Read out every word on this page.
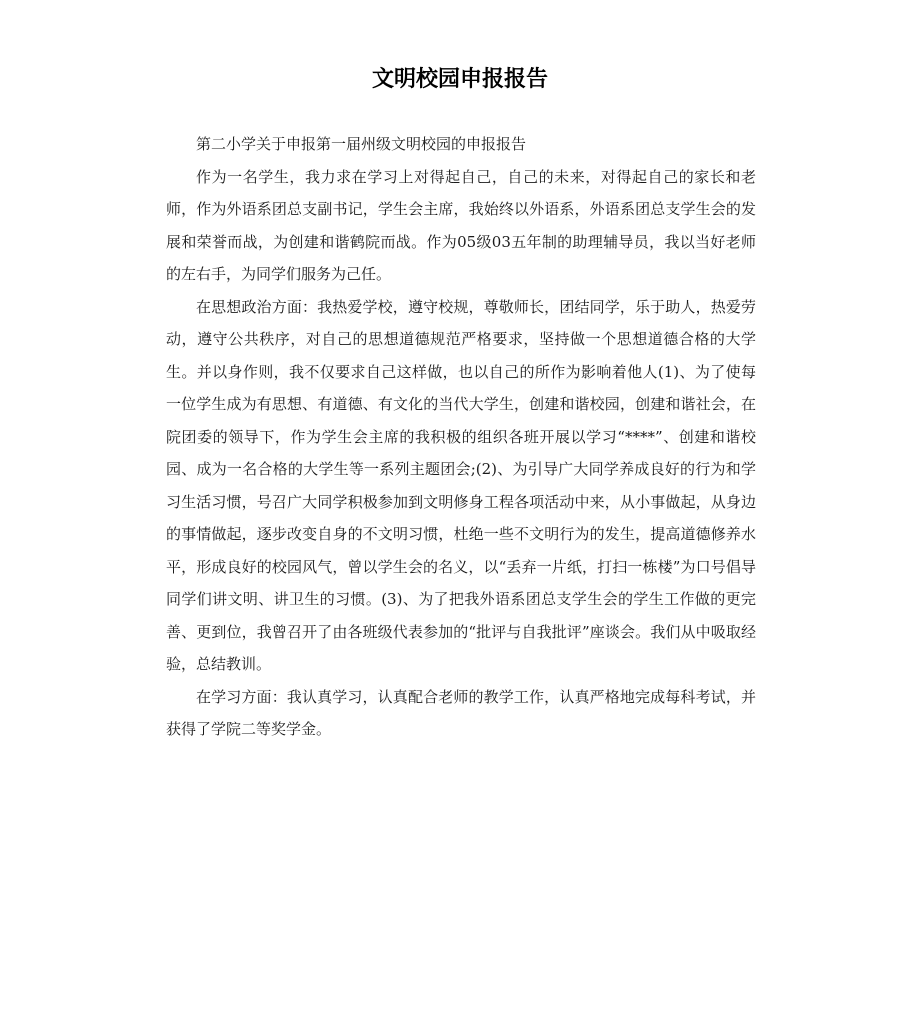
文明校园申报报告

第二小学关于申报第一届州级文明校园的申报报告

作为一名学生，我力求在学习上对得起自己，自己的未来，对得起自己的家长和老师，作为外语系团总支副书记，学生会主席，我始终以外语系，外语系团总支学生会的发展和荣誉而战，为创建和谐鹤院而战。作为05级03五年制的助理辅导员，我以当好老师的左右手，为同学们服务为己任。

在思想政治方面：我热爱学校，遵守校规，尊敬师长，团结同学，乐于助人，热爱劳动，遵守公共秩序，对自己的思想道德规范严格要求，坚持做一个思想道德合格的大学生。并以身作则，我不仅要求自己这样做，也以自己的所作为影响着他人(1)、为了使每一位学生成为有思想、有道德、有文化的当代大学生，创建和谐校园，创建和谐社会，在院团委的领导下，作为学生会主席的我积极的组织各班开展以学习“****”、创建和谐校园、成为一名合格的大学生等一系列主题团会;(2)、为引导广大同学养成良好的行为和学习生活习惯，号召广大同学积极参加到文明修身工程各项活动中来，从小事做起，从身边的事情做起，逐步改变自身的不文明习惯，杜绝一些不文明行为的发生，提高道德修养水平，形成良好的校园风气，曾以学生会的名义，以“丢弃一片纸，打扫一栋楼”为口号倡导同学们讲文明、讲卫生的习惯。(3)、为了把我外语系团总支学生会的学生工作做的更完善、更到位，我曾召开了由各班级代表参加的“批评与自我批评”座谈会。我们从中吸取经验，总结教训。

在学习方面：我认真学习，认真配合老师的教学工作，认真严格地完成每科考试，并获得了学院二等奖学金。
